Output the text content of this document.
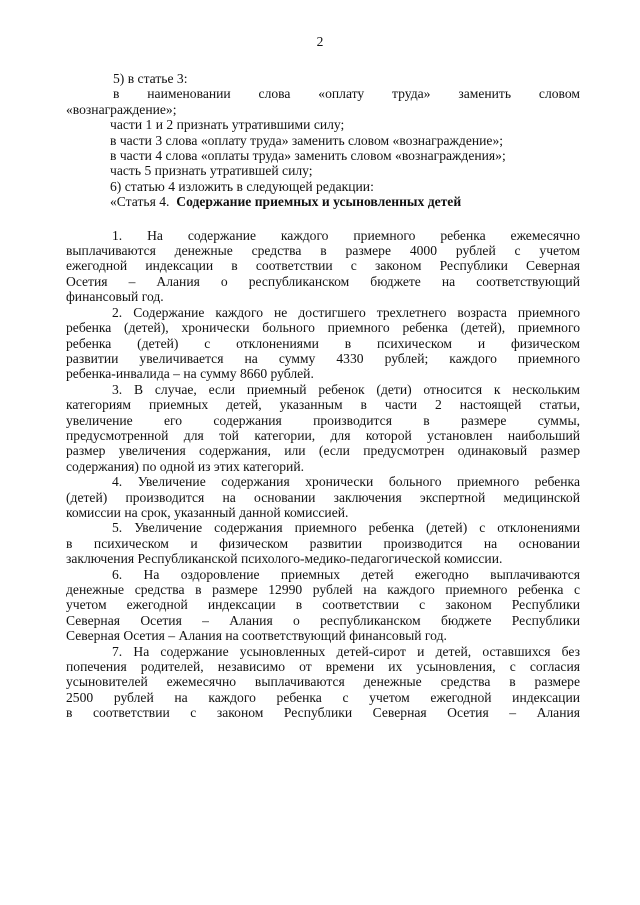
2
5) в статье 3:
в наименовании слова «оплату труда» заменить словом
«вознаграждение»;
части 1 и 2 признать утратившими силу;
в части 3 слова «оплату труда» заменить словом «вознаграждение»;
в части 4 слова «оплаты труда» заменить словом «вознаграждения»;
часть 5 признать утратившей силу;
6) статью 4 изложить в следующей редакции:
«Статья 4. Содержание приемных и усыновленных детей
1. На содержание каждого приемного ребенка ежемесячно
выплачиваются денежные средства в размере 4000 рублей с учетом
ежегодной индексации в соответствии с законом Республики Северная
Осетия – Алания о республиканском бюджете на соответствующий
финансовый год.
2. Содержание каждого не достигшего трехлетнего возраста приемного
ребенка (детей), хронически больного приемного ребенка (детей), приемного
ребенка (детей) с отклонениями в психическом и физическом
развитии увеличивается на сумму 4330 рублей; каждого приемного
ребенка-инвалида – на сумму 8660 рублей.
3. В случае, если приемный ребенок (дети) относится к нескольким
категориям приемных детей, указанным в части 2 настоящей статьи,
увеличение его содержания производится в размере суммы,
предусмотренной для той категории, для которой установлен наибольший
размер увеличения содержания, или (если предусмотрен одинаковый размер
содержания) по одной из этих категорий.
4. Увеличение содержания хронически больного приемного ребенка
(детей) производится на основании заключения экспертной медицинской
комиссии на срок, указанный данной комиссией.
5. Увеличение содержания приемного ребенка (детей) с отклонениями
в психическом и физическом развитии производится на основании
заключения Республиканской психолого-медико-педагогической комиссии.
6. На оздоровление приемных детей ежегодно выплачиваются
денежные средства в размере 12990 рублей на каждого приемного ребенка с
учетом ежегодной индексации в соответствии с законом Республики
Северная Осетия – Алания о республиканском бюджете Республики
Северная Осетия – Алания на соответствующий финансовый год.
7. На содержание усыновленных детей-сирот и детей, оставшихся без
попечения родителей, независимо от времени их усыновления, с согласия
усыновителей ежемесячно выплачиваются денежные средства в размере
2500 рублей на каждого ребенка с учетом ежегодной индексации
в соответствии с законом Республики Северная Осетия – Алания
